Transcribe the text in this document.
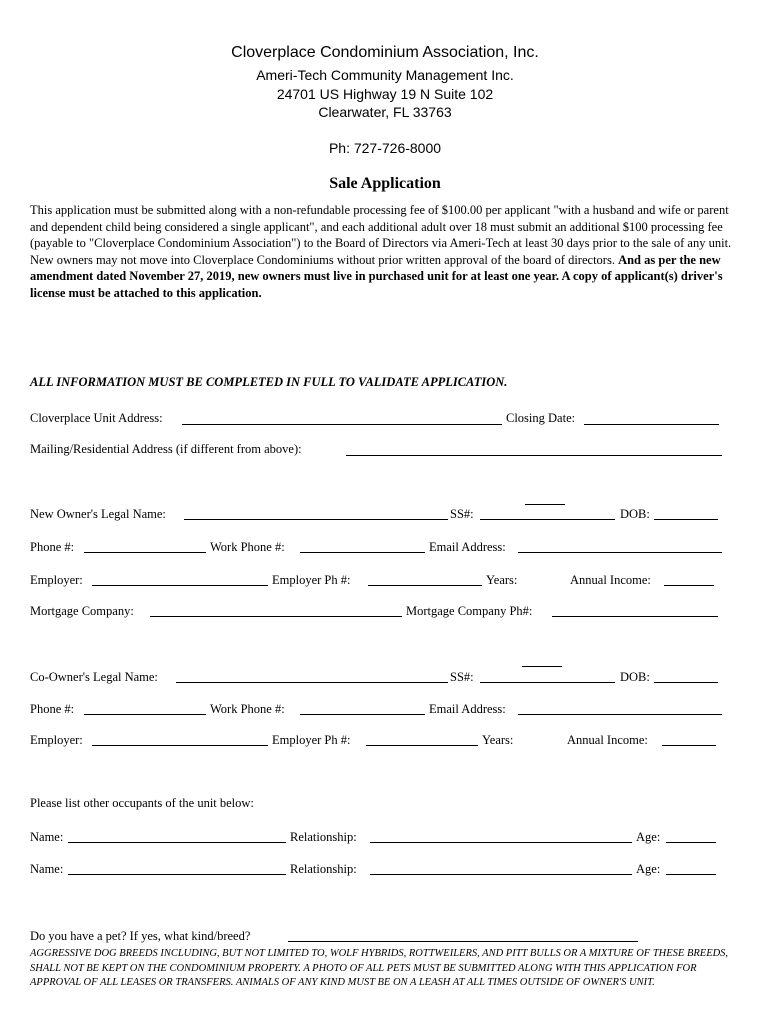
Cloverplace Condominium Association, Inc.
Ameri-Tech Community Management Inc.
24701 US Highway 19 N Suite 102
Clearwater, FL 33763
Ph: 727-726-8000
Sale Application
This application must be submitted along with a non-refundable processing fee of $100.00 per applicant "with a husband and wife or parent and dependent child being considered a single applicant", and each additional adult over 18 must submit an additional $100 processing fee (payable to "Cloverplace Condominium Association") to the Board of Directors via Ameri-Tech at least 30 days prior to the sale of any unit. New owners may not move into Cloverplace Condominiums without prior written approval of the board of directors. And as per the new amendment dated November 27, 2019, new owners must live in purchased unit for at least one year. A copy of applicant(s) driver's license must be attached to this application.
ALL INFORMATION MUST BE COMPLETED IN FULL TO VALIDATE APPLICATION.
Cloverplace Unit Address:	Closing Date:
Mailing/Residential Address (if different from above):
New Owner's Legal Name:	SS#:	DOB:
Phone #:	Work Phone #:	Email Address:
Employer:	Employer Ph #:	Years:	Annual Income:
Mortgage Company:	Mortgage Company Ph#:
Co-Owner's Legal Name:	SS#:	DOB:
Phone #:	Work Phone #:	Email Address:
Employer:	Employer Ph #:	Years:	Annual Income:
Please list other occupants of the unit below:
Name:	Relationship:	Age:
Name:	Relationship:	Age:
Do you have a pet? If yes, what kind/breed?
AGGRESSIVE DOG BREEDS INCLUDING, BUT NOT LIMITED TO, WOLF HYBRIDS, ROTTWEILERS, AND PITT BULLS OR A MIXTURE OF THESE BREEDS, SHALL NOT BE KEPT ON THE CONDOMINIUM PROPERTY. A PHOTO OF ALL PETS MUST BE SUBMITTED ALONG WITH THIS APPLICATION FOR APPROVAL OF ALL LEASES OR TRANSFERS. ANIMALS OF ANY KIND MUST BE ON A LEASH AT ALL TIMES OUTSIDE OF OWNER'S UNIT.
